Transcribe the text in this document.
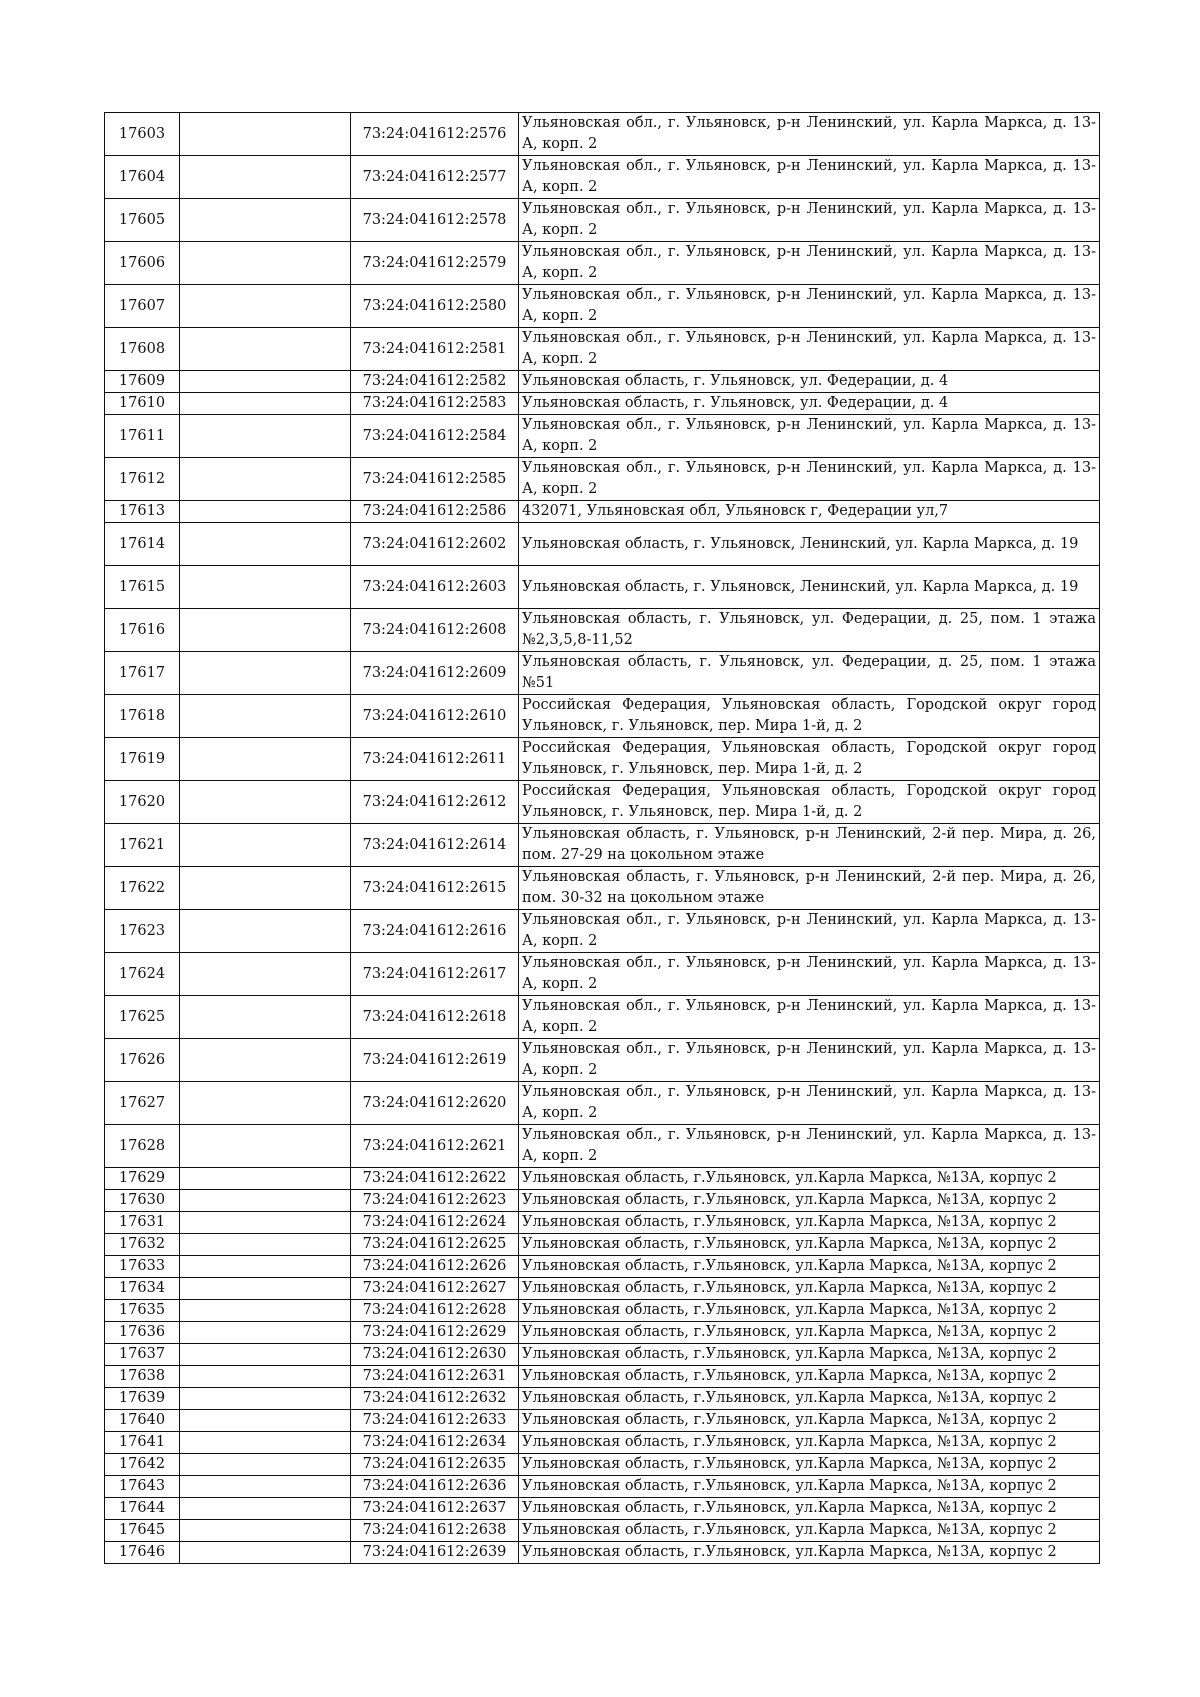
17603		73:24:041612:2576	Ульяновская обл., г. Ульяновск, р-н Ленинский, ул. Карла Маркса, д. 13-А, корп. 2
17604		73:24:041612:2577	Ульяновская обл., г. Ульяновск, р-н Ленинский, ул. Карла Маркса, д. 13-А, корп. 2
17605		73:24:041612:2578	Ульяновская обл., г. Ульяновск, р-н Ленинский, ул. Карла Маркса, д. 13-А, корп. 2
17606		73:24:041612:2579	Ульяновская обл., г. Ульяновск, р-н Ленинский, ул. Карла Маркса, д. 13-А, корп. 2
17607		73:24:041612:2580	Ульяновская обл., г. Ульяновск, р-н Ленинский, ул. Карла Маркса, д. 13-А, корп. 2
17608		73:24:041612:2581	Ульяновская обл., г. Ульяновск, р-н Ленинский, ул. Карла Маркса, д. 13-А, корп. 2
17609		73:24:041612:2582	Ульяновская область, г. Ульяновск, ул. Федерации, д. 4
17610		73:24:041612:2583	Ульяновская область, г. Ульяновск, ул. Федерации, д. 4
17611		73:24:041612:2584	Ульяновская обл., г. Ульяновск, р-н Ленинский, ул. Карла Маркса, д. 13-А, корп. 2
17612		73:24:041612:2585	Ульяновская обл., г. Ульяновск, р-н Ленинский, ул. Карла Маркса, д. 13-А, корп. 2
17613		73:24:041612:2586	432071, Ульяновская обл, Ульяновск г, Федерации ул,7
17614		73:24:041612:2602	Ульяновская область, г. Ульяновск, Ленинский, ул. Карла Маркса, д. 19
17615		73:24:041612:2603	Ульяновская область, г. Ульяновск, Ленинский, ул. Карла Маркса, д. 19
17616		73:24:041612:2608	Ульяновская область, г. Ульяновск, ул. Федерации, д. 25, пом. 1 этажа №2,3,5,8-11,52
17617		73:24:041612:2609	Ульяновская область, г. Ульяновск, ул. Федерации, д. 25, пом. 1 этажа №51
17618		73:24:041612:2610	Российская Федерация, Ульяновская область, Городской округ город Ульяновск, г. Ульяновск, пер. Мира 1-й, д. 2
17619		73:24:041612:2611	Российская Федерация, Ульяновская область, Городской округ город Ульяновск, г. Ульяновск, пер. Мира 1-й, д. 2
17620		73:24:041612:2612	Российская Федерация, Ульяновская область, Городской округ город Ульяновск, г. Ульяновск, пер. Мира 1-й, д. 2
17621		73:24:041612:2614	Ульяновская область, г. Ульяновск, р-н Ленинский, 2-й пер. Мира, д. 26, пом. 27-29 на цокольном этаже
17622		73:24:041612:2615	Ульяновская область, г. Ульяновск, р-н Ленинский, 2-й пер. Мира, д. 26, пом. 30-32 на цокольном этаже
17623		73:24:041612:2616	Ульяновская обл., г. Ульяновск, р-н Ленинский, ул. Карла Маркса, д. 13-А, корп. 2
17624		73:24:041612:2617	Ульяновская обл., г. Ульяновск, р-н Ленинский, ул. Карла Маркса, д. 13-А, корп. 2
17625		73:24:041612:2618	Ульяновская обл., г. Ульяновск, р-н Ленинский, ул. Карла Маркса, д. 13-А, корп. 2
17626		73:24:041612:2619	Ульяновская обл., г. Ульяновск, р-н Ленинский, ул. Карла Маркса, д. 13-А, корп. 2
17627		73:24:041612:2620	Ульяновская обл., г. Ульяновск, р-н Ленинский, ул. Карла Маркса, д. 13-А, корп. 2
17628		73:24:041612:2621	Ульяновская обл., г. Ульяновск, р-н Ленинский, ул. Карла Маркса, д. 13-А, корп. 2
17629		73:24:041612:2622	Ульяновская область, г.Ульяновск, ул.Карла Маркса, №13А, корпус 2
17630		73:24:041612:2623	Ульяновская область, г.Ульяновск, ул.Карла Маркса, №13А, корпус 2
17631		73:24:041612:2624	Ульяновская область, г.Ульяновск, ул.Карла Маркса, №13А, корпус 2
17632		73:24:041612:2625	Ульяновская область, г.Ульяновск, ул.Карла Маркса, №13А, корпус 2
17633		73:24:041612:2626	Ульяновская область, г.Ульяновск, ул.Карла Маркса, №13А, корпус 2
17634		73:24:041612:2627	Ульяновская область, г.Ульяновск, ул.Карла Маркса, №13А, корпус 2
17635		73:24:041612:2628	Ульяновская область, г.Ульяновск, ул.Карла Маркса, №13А, корпус 2
17636		73:24:041612:2629	Ульяновская область, г.Ульяновск, ул.Карла Маркса, №13А, корпус 2
17637		73:24:041612:2630	Ульяновская область, г.Ульяновск, ул.Карла Маркса, №13А, корпус 2
17638		73:24:041612:2631	Ульяновская область, г.Ульяновск, ул.Карла Маркса, №13А, корпус 2
17639		73:24:041612:2632	Ульяновская область, г.Ульяновск, ул.Карла Маркса, №13А, корпус 2
17640		73:24:041612:2633	Ульяновская область, г.Ульяновск, ул.Карла Маркса, №13А, корпус 2
17641		73:24:041612:2634	Ульяновская область, г.Ульяновск, ул.Карла Маркса, №13А, корпус 2
17642		73:24:041612:2635	Ульяновская область, г.Ульяновск, ул.Карла Маркса, №13А, корпус 2
17643		73:24:041612:2636	Ульяновская область, г.Ульяновск, ул.Карла Маркса, №13А, корпус 2
17644		73:24:041612:2637	Ульяновская область, г.Ульяновск, ул.Карла Маркса, №13А, корпус 2
17645		73:24:041612:2638	Ульяновская область, г.Ульяновск, ул.Карла Маркса, №13А, корпус 2
17646		73:24:041612:2639	Ульяновская область, г.Ульяновск, ул.Карла Маркса, №13А, корпус 2
